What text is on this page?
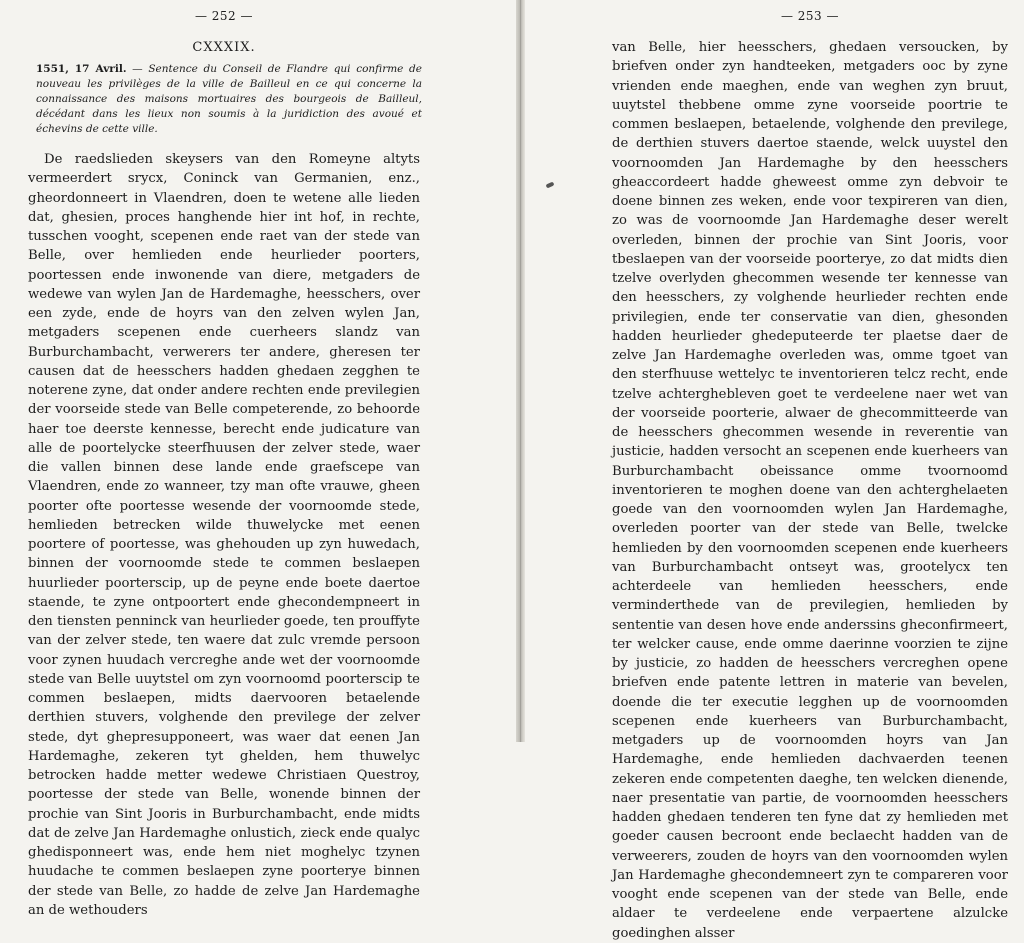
— 252 —
CXXXIX.

1551, 17 Avril. — Sentence du Conseil de Flandre qui confirme de nouveau les privilèges de la ville de Bailleul en ce qui concerne la connaissance des maisons mortuaires des bourgeois de Bailleul, décédant dans les lieux non soumis à la juridiction des avoué et échevins de cette ville.

De raedslieden skeysers van den Romeyne altyts vermeerdert srycx, Coninck van Germanien, enz., gheordonneert in Vlaendren, doen te wetene alle lieden dat, ghesien, proces hanghende hier int hof, in rechte, tusschen vooght, scepenen ende raet van der stede van Belle, over hemlieden ende heurlieder poorters, poortessen ende inwonende van diere, metgaders de wedewe van wylen Jan de Hardemaghe, heesschers, over een zyde, ende de hoyrs van den zelven wylen Jan, metgaders scepenen ende cuerheers slandz van Burburchambacht, verwerers ter andere, gheresen ter causen dat de heesschers hadden ghedaen zegghen te noterene zyne, dat onder andere rechten ende previlegien der voorseide stede van Belle competerende, zo behoorde haer toe deerste kennesse, berecht ende judicature van alle de poortelycke steerfhuusen der zelver stede, waer die vallen binnen dese lande ende graefscepe van Vlaendren, ende zo wanneer, tzy man ofte vrauwe, gheen poorter ofte poortesse wesende der voornoomde stede, hemlieden betrecken wilde thuwelycke met eenen poortere of poortesse, was ghehouden up zyn huwedach, binnen der voornoomde stede te commen beslaepen huurlieder poorterscip, up de peyne ende boete daertoe staende, te zyne ontpoortert ende ghecondempneert in den tiensten penninck van heurlieder goede, ten prouffyte van der zelver stede, ten waere dat zulc vremde persoon voor zynen huudach vercreghe ande wet der voornoomde stede van Belle uuytstel om zyn voornoomd poorterscip te commen beslaepen, midts daervooren betaelende derthien stuvers, volghende den previlege der zelver stede, dyt ghepresupponeert, was waer dat eenen Jan Hardemaghe, zekeren tyt ghelden, hem thuwelyc betrocken hadde metter wedewe Christiaen Questroy, poortesse der stede van Belle, wonende binnen der prochie van Sint Jooris in Burburchambacht, ende midts dat de zelve Jan Hardemaghe onlustich, zieck ende qualyc ghedisponneert was, ende hem niet moghelyc tzynen huudache te commen beslaepen zyne poorterye binnen der stede van Belle, zo hadde de zelve Jan Hardemaghe an de wethouders

— 253 —

van Belle, hier heesschers, ghedaen versoucken, by briefven onder zyn handteeken, metgaders ooc by zyne vrienden ende maeghen, ende van weghen zyn bruut, uuytstel thebbene omme zyne voorseide poortrie te commen beslaepen, betaelende, volghende den previlege, de derthien stuvers daertoe staende, welck uuystel den voornoomden Jan Hardemaghe by den heesschers gheaccordeert hadde gheweest omme zyn debvoir te doene binnen zes weken, ende voor texpireren van dien, zo was de voornoomde Jan Hardemaghe deser werelt overleden, binnen der prochie van Sint Jooris, voor tbeslaepen van der voorseide poorterye, zo dat midts dien tzelve overlyden ghecommen wesende ter kennesse van den heesschers, zy volghende heurlieder rechten ende privilegien, ende ter conservatie van dien, ghesonden hadden heurlieder ghedeputeerde ter plaetse daer de zelve Jan Hardemaghe overleden was, omme tgoet van den sterfhuuse wettelyc te inventorieren telcz recht, ende tzelve achterghebleven goet te verdeelene naer wet van der voorseide poorterie, alwaer de ghecommitteerde van de heesschers ghecommen wesende in reverentie van justicie, hadden versocht an scepenen ende kuerheers van Burburchambacht obeissance omme tvoornoomd inventorieren te moghen doene van den achterghelaeten goede van den voornoomden wylen Jan Hardemaghe, overleden poorter van der stede van Belle, twelcke hemlieden by den voornoomden scepenen ende kuerheers van Burburchambacht ontseyt was, grootelycx ten achterdeele van hemlieden heesschers, ende verminderthede van de previlegien, hemlieden by sententie van desen hove ende anderssins gheconfirmeert, ter welcker cause, ende omme daerinne voorzien te zijne by justicie, zo hadden de heesschers vercreghen opene briefven ende patente lettren in materie van bevelen, doende die ter executie legghen up de voornoomden scepenen ende kuerheers van Burburchambacht, metgaders up de voornoomden hoyrs van Jan Hardemaghe, ende hemlieden dachvaerden teenen zekeren ende competenten daeghe, ten welcken dienende, naer presentatie van partie, de voornoomden heesschers hadden ghedaen tenderen ten fyne dat zy hemlieden met goeder causen becroont ende beclaecht hadden van de verweerers, zouden de hoyrs van den voornoomden wylen Jan Hardemaghe ghecondemneert zyn te compareren voor vooght ende scepenen van der stede van Belle, ende aldaer te verdeelene ende verpaertene alzulcke goedinghen alsser
